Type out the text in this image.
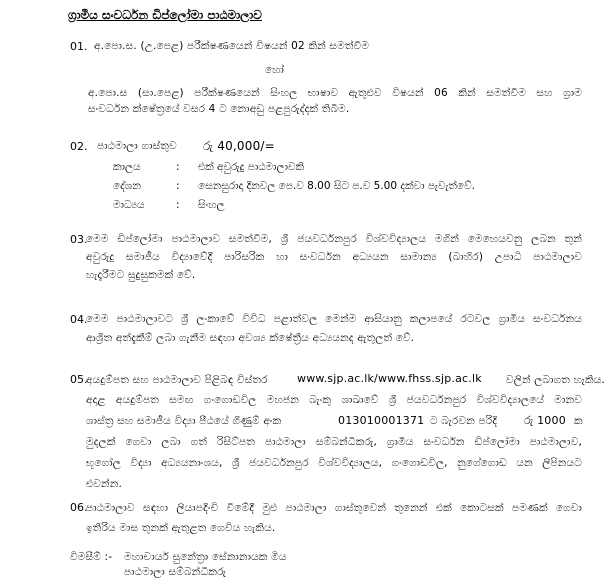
ග්‍රාමීය සංවර්ධන ඩිප්ලෝමා පාඨමාලාව
01. අ.පො.ස. (උ.පෙළ) පරීක්ෂණයෙන් විෂයන් 02 කින් සමත්වීම
හෝ
අ.පො.ස (සා.පෙළ) පරීක්ෂණයෙන් සිංහල භාෂාව ඇතුළුව විෂයන් 06 කින් සමත්වීම සහ ග්‍රාම
සංවර්ධන ක්ෂේත්‍රයේ වසර 4 ට නොඅඩු පළපුරුද්දක් තිබීම.
02. පාඨමාලා ගාස්තුව රු 40,000/=
කාලය	: එක් අවුරුදු පාඨමාලාවකි
දේශන	: සෙනසුරාදා දිනවල පෙ.ව 8.00 සිට ප.ව 5.00 දක්වා පැවැත්වේ.
මාධ්‍යය	: සිංහල
03.
මෙම ඩිප්ලෝමා පාඨමාලාව සමත්වීම, ශ්‍රී ජයවර්ධනපුර විශ්වවිද්‍යාලය මගින් මෙහෙයවනු ලබන තුන්
අවුරුදු සමාජීය විද්‍යාවේදී පාරිසරික හා සංවර්ධන අධ්‍යයන සාමාන්‍ය (බාහිර) උපාධි පාඨමාලාව
හැදෑරීමට සුදුසුකමක් වේ.
04.
මෙම පාඨමාලාවට ශ්‍රී ලංකාවේ විවිධ පළාත්වල මෙන්ම ආසියානු කලාපයේ රටවල ග්‍රාමීය සංවර්ධනය
ආශ්‍රිත අත්දැකීම් ලබා ගැනීම සඳහා අවශ්‍ය ක්ෂේත්‍රීය අධ්‍යයනද ඇතුලත් වේ.
05.
අයදුම්පත සහ පාඨමාලාව පිළිබඳ විස්තර	www.sjp.ac.lk/www.fhss.sjp.ac.lk වලින් ලබාගත හැකිය.
අදාළ අයදුම්පත සමඟ ගංගොඩවිල මහජන බැංකු ශාඛාවේ ශ්‍රී ජයවර්ධනපුර විශ්වවිද්‍යාලයේ මානව
ශාස්ත්‍ර සහ සමාජීය විද්‍යා පීඨයේ ගිණුම් අංක	013010001371 ට බැරවන පරිදි රු 1000 ක
මුදලක් ගෙවා ලබා ගත් රිසිට්පත පාඨමාලා සම්බන්ධීකරු, ග්‍රාමීය සංවර්ධන ඩිප්ලෝමා පාඨමාලාව,
භූගෝල විද්‍යා අධ්‍යයනාංශය, ශ්‍රී ජයවර්ධනපුර විශ්වවිද්‍යාලය, ගංගොඩවිල, නුගේගොඩ යන ලිපිනයට
එවන්න.
06.
පාඨමාලාව සඳහා ලියාපදිංචි වීමේදී මුළු පාඨමාලා ගාස්තුවෙන් තුනෙන් එක් කොටසක් පමණක් ගෙවා
ඉතිරිය මාස තුනක් ඇතුළත ගෙවිය හැකිය.
විමසීම් :- මහාචාර්ය සුනේත්‍රා සේනානායක මිය
පාඨමාලා සම්බන්ධීකරු
